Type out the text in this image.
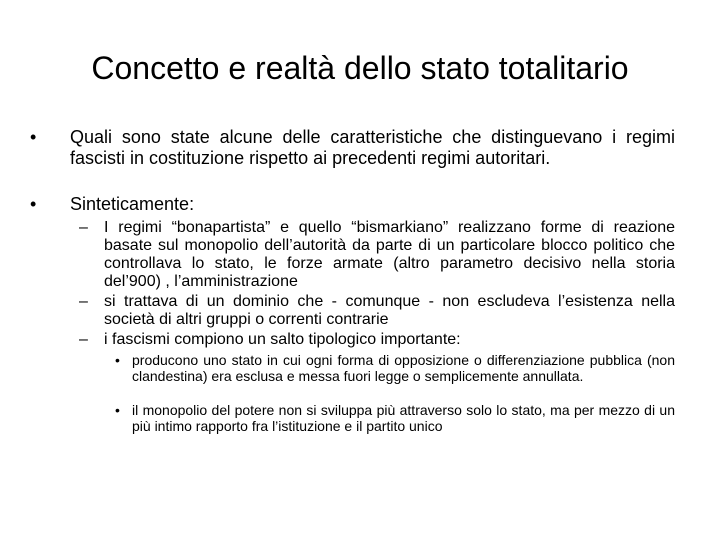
Concetto e realtà dello stato totalitario
• Quali sono state alcune delle caratteristiche che distinguevano i regimi fascisti in costituzione rispetto ai precedenti regimi autoritari.
• Sinteticamente:
– I regimi “bonapartista” e quello “bismarkiano” realizzano forme di reazione basate sul monopolio dell’autorità da parte di un particolare blocco politico che controllava lo stato, le forze armate (altro parametro decisivo nella storia del’900) , l’amministrazione
– si trattava di un dominio che - comunque - non escludeva l’esistenza nella società di altri gruppi o correnti contrarie
– i fascismi compiono un salto tipologico importante:
• producono uno stato in cui ogni forma di opposizione o differenziazione pubblica (non clandestina) era esclusa e messa fuori legge o semplicemente annullata.
• il monopolio del potere non si sviluppa più attraverso solo lo stato, ma per mezzo di un più intimo rapporto fra l’istituzione e il partito unico
